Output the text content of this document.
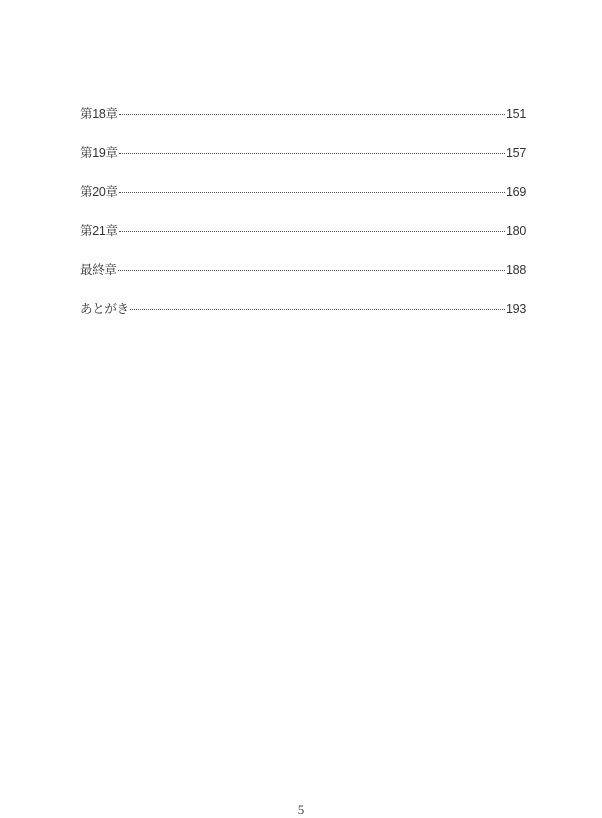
第18章	151
第19章	157
第20章	169
第21章	180
最終章	188
あとがき	193
5
